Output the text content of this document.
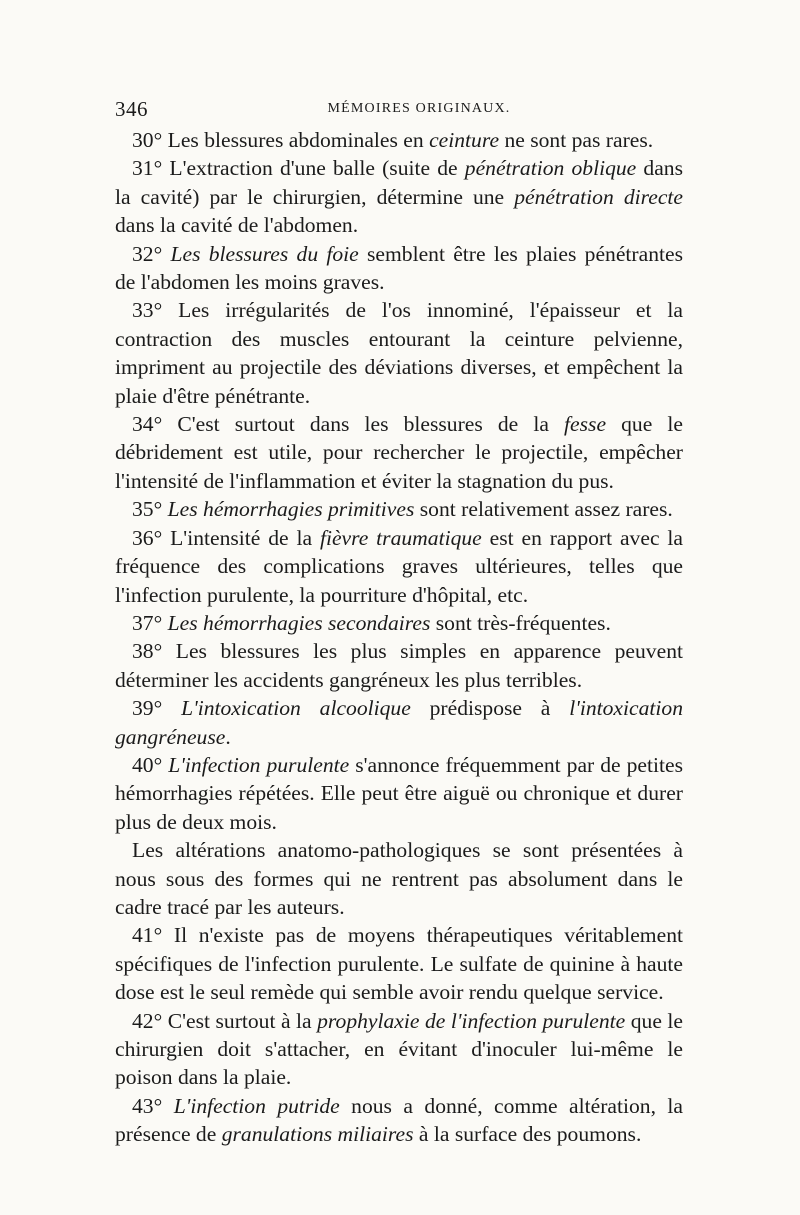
346	MÉMOIRES ORIGINAUX.

30° Les blessures abdominales en ceinture ne sont pas rares.

31° L'extraction d'une balle (suite de pénétration oblique dans la cavité) par le chirurgien, détermine une pénétration directe dans la cavité de l'abdomen.

32° Les blessures du foie semblent être les plaies pénétrantes de l'abdomen les moins graves.

33° Les irrégularités de l'os innominé, l'épaisseur et la contraction des muscles entourant la ceinture pelvienne, impriment au projectile des déviations diverses, et empêchent la plaie d'être pénétrante.

34° C'est surtout dans les blessures de la fesse que le débridement est utile, pour rechercher le projectile, empêcher l'intensité de l'inflammation et éviter la stagnation du pus.

35° Les hémorrhagies primitives sont relativement assez rares.

36° L'intensité de la fièvre traumatique est en rapport avec la fréquence des complications graves ultérieures, telles que l'infection purulente, la pourriture d'hôpital, etc.

37° Les hémorrhagies secondaires sont très-fréquentes.

38° Les blessures les plus simples en apparence peuvent déterminer les accidents gangréneux les plus terribles.

39° L'intoxication alcoolique prédispose à l'intoxication gangréneuse.

40° L'infection purulente s'annonce fréquemment par de petites hémorrhagies répétées. Elle peut être aiguë ou chronique et durer plus de deux mois.

Les altérations anatomo-pathologiques se sont présentées à nous sous des formes qui ne rentrent pas absolument dans le cadre tracé par les auteurs.

41° Il n'existe pas de moyens thérapeutiques véritablement spécifiques de l'infection purulente. Le sulfate de quinine à haute dose est le seul remède qui semble avoir rendu quelque service.

42° C'est surtout à la prophylaxie de l'infection purulente que le chirurgien doit s'attacher, en évitant d'inoculer lui-même le poison dans la plaie.

43° L'infection putride nous a donné, comme altération, la présence de granulations miliaires à la surface des poumons.
